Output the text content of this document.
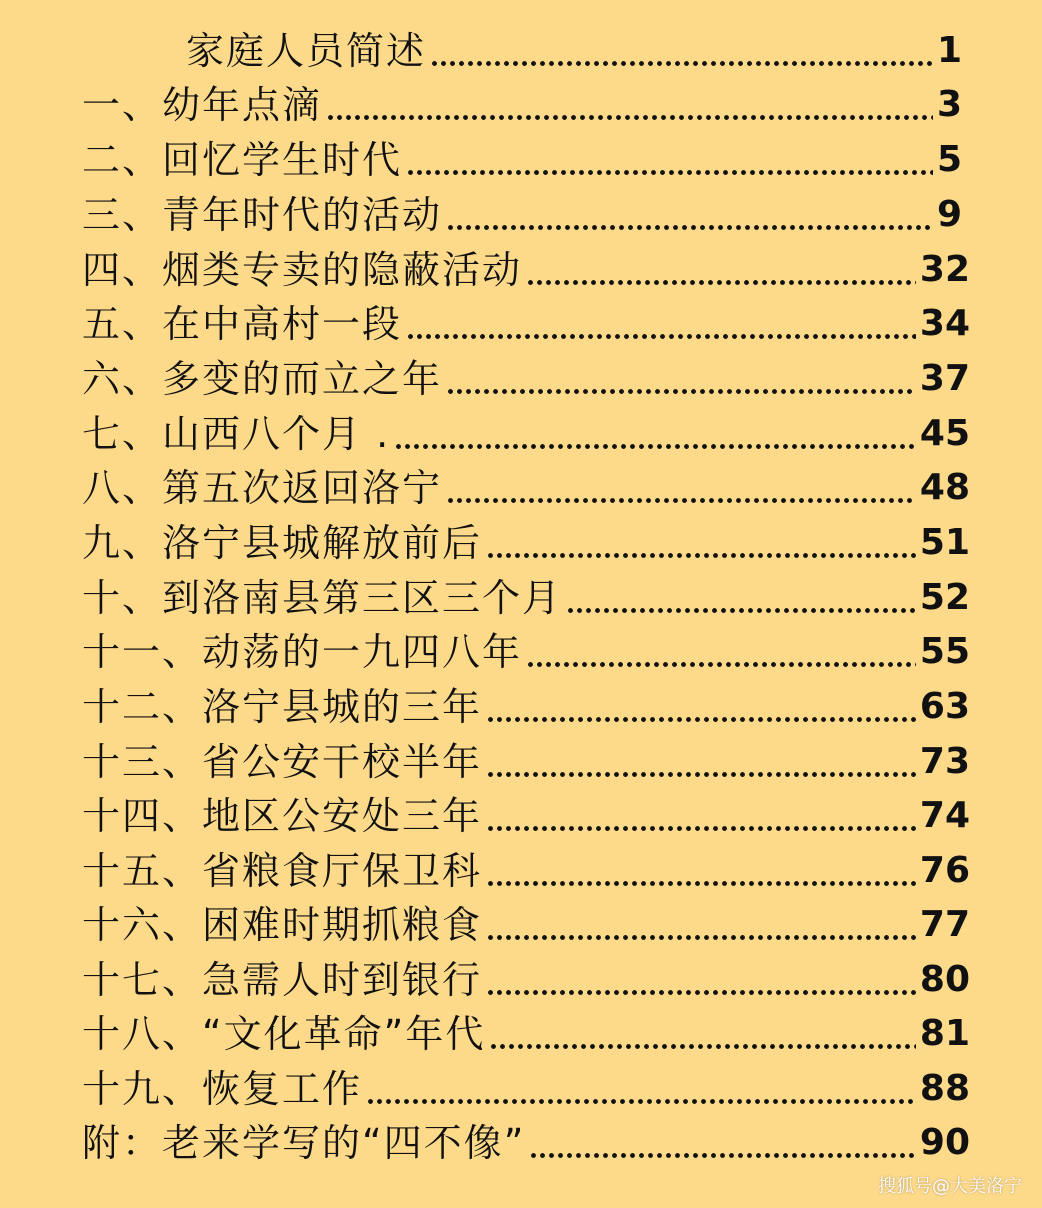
家庭人员简述	1
一、幼年点滴	3
二、回忆学生时代	5
三、青年时代的活动	9
四、烟类专卖的隐蔽活动	32
五、在中高村一段	34
六、多变的而立之年	37
七、山西八个月 .	45
八、第五次返回洛宁	48
九、洛宁县城解放前后	51
十、到洛南县第三区三个月	52
十一、动荡的一九四八年	55
十二、洛宁县城的三年	63
十三、省公安干校半年	73
十四、地区公安处三年	74
十五、省粮食厅保卫科	76
十六、困难时期抓粮食	77
十七、急需人时到银行	80
十八、“文化革命”年代	81
十九、恢复工作	88
附：老来学写的“四不像”	90
搜狐号@大美洛宁
